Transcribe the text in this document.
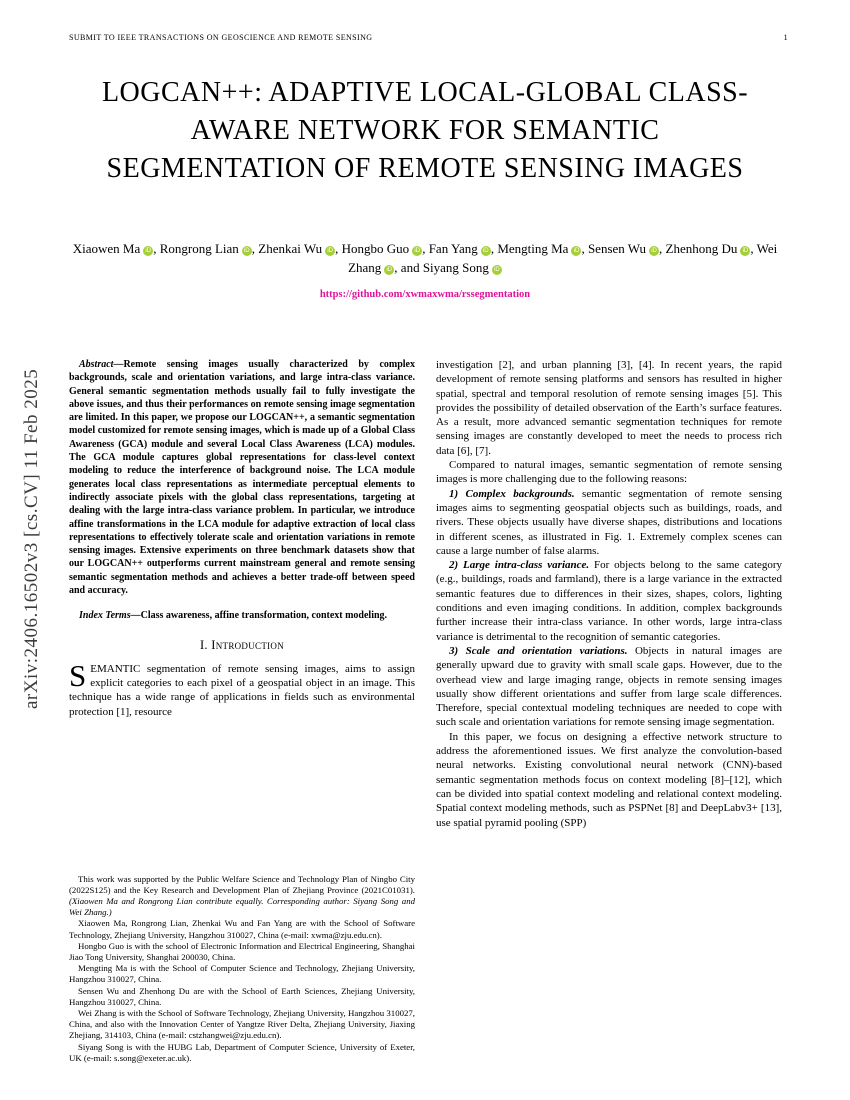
SUBMIT TO IEEE TRANSACTIONS ON GEOSCIENCE AND REMOTE SENSING	1
LOGCAN++: ADAPTIVE LOCAL-GLOBAL CLASS-AWARE NETWORK FOR SEMANTIC SEGMENTATION OF REMOTE SENSING IMAGES
Xiaowen Ma iD , Rongrong Lian iD , Zhenkai Wu iD , Hongbo Guo iD , Fan Yang iD , Mengting Ma iD , Sensen Wu iD , Zhenhong Du iD , Wei Zhang iD , and Siyang Song iD
https://github.com/xwmaxwma/rssegmentation
arXiv:2406.16502v3 [cs.CV] 11 Feb 2025

Abstract—Remote sensing images usually characterized by complex backgrounds, scale and orientation variations, and large intra-class variance. General semantic segmentation methods usually fail to fully investigate the above issues, and thus their performances on remote sensing image segmentation are limited. In this paper, we propose our LOGCAN++, a semantic segmentation model customized for remote sensing images, which is made up of a Global Class Awareness (GCA) module and several Local Class Awareness (LCA) modules. The GCA module captures global representations for class-level context modeling to reduce the interference of background noise. The LCA module generates local class representations as intermediate perceptual elements to indirectly associate pixels with the global class representations, targeting at dealing with the large intra-class variance problem. In particular, we introduce affine transformations in the LCA module for adaptive extraction of local class representations to effectively tolerate scale and orientation variations in remote sensing images. Extensive experiments on three benchmark datasets show that our LOGCAN++ outperforms current mainstream general and remote sensing semantic segmentation methods and achieves a better trade-off between speed and accuracy.

Index Terms—Class awareness, affine transformation, context modeling.

I. Introduction

SEMANTIC segmentation of remote sensing images, aims to assign explicit categories to each pixel of a geospatial object in an image. This technique has a wide range of applications in fields such as environmental protection [1], resource

This work was supported by the Public Welfare Science and Technology Plan of Ningbo City (2022S125) and the Key Research and Development Plan of Zhejiang Province (2021C01031). (Xiaowen Ma and Rongrong Lian contribute equally. Corresponding author: Siyang Song and Wei Zhang.)

Xiaowen Ma, Rongrong Lian, Zhenkai Wu and Fan Yang are with the School of Software Technology, Zhejiang University, Hangzhou 310027, China (e-mail: xwma@zju.edu.cn).

Hongbo Guo is with the school of Electronic Information and Electrical Engineering, Shanghai Jiao Tong University, Shanghai 200030, China.

Mengting Ma is with the School of Computer Science and Technology, Zhejiang University, Hangzhou 310027, China.

Sensen Wu and Zhenhong Du are with the School of Earth Sciences, Zhejiang University, Hangzhou 310027, China.

Wei Zhang is with the School of Software Technology, Zhejiang University, Hangzhou 310027, China, and also with the Innovation Center of Yangtze River Delta, Zhejiang University, Jiaxing Zhejiang, 314103, China (e-mail: cstzhangwei@zju.edu.cn).

Siyang Song is with the HUBG Lab, Department of Computer Science, University of Exeter, UK (e-mail: s.song@exeter.ac.uk).

investigation [2], and urban planning [3], [4]. In recent years, the rapid development of remote sensing platforms and sensors has resulted in higher spatial, spectral and temporal resolution of remote sensing images [5]. This provides the possibility of detailed observation of the Earth’s surface features. As a result, more advanced semantic segmentation techniques for remote sensing images are constantly developed to meet the needs to process rich data [6], [7].

Compared to natural images, semantic segmentation of remote sensing images is more challenging due to the following reasons:

1) Complex backgrounds. semantic segmentation of remote sensing images aims to segmenting geospatial objects such as buildings, roads, and rivers. These objects usually have diverse shapes, distributions and locations in different scenes, as illustrated in Fig. 1. Extremely complex scenes can cause a large number of false alarms.

2) Large intra-class variance. For objects belong to the same category (e.g., buildings, roads and farmland), there is a large variance in the extracted semantic features due to differences in their sizes, shapes, colors, lighting conditions and even imaging conditions. In addition, complex backgrounds further increase their intra-class variance. In other words, large intra-class variance is detrimental to the recognition of semantic categories.

3) Scale and orientation variations. Objects in natural images are generally upward due to gravity with small scale gaps. However, due to the overhead view and large imaging range, objects in remote sensing images usually show different orientations and suffer from large scale differences. Therefore, special contextual modeling techniques are needed to cope with such scale and orientation variations for remote sensing image segmentation.

In this paper, we focus on designing a effective network structure to address the aforementioned issues. We first analyze the convolution-based neural networks. Existing convolutional neural network (CNN)-based semantic segmentation methods focus on context modeling [8]–[12], which can be divided into spatial context modeling and relational context modeling. Spatial context modeling methods, such as PSPNet [8] and DeepLabv3+ [13], use spatial pyramid pooling (SPP)
